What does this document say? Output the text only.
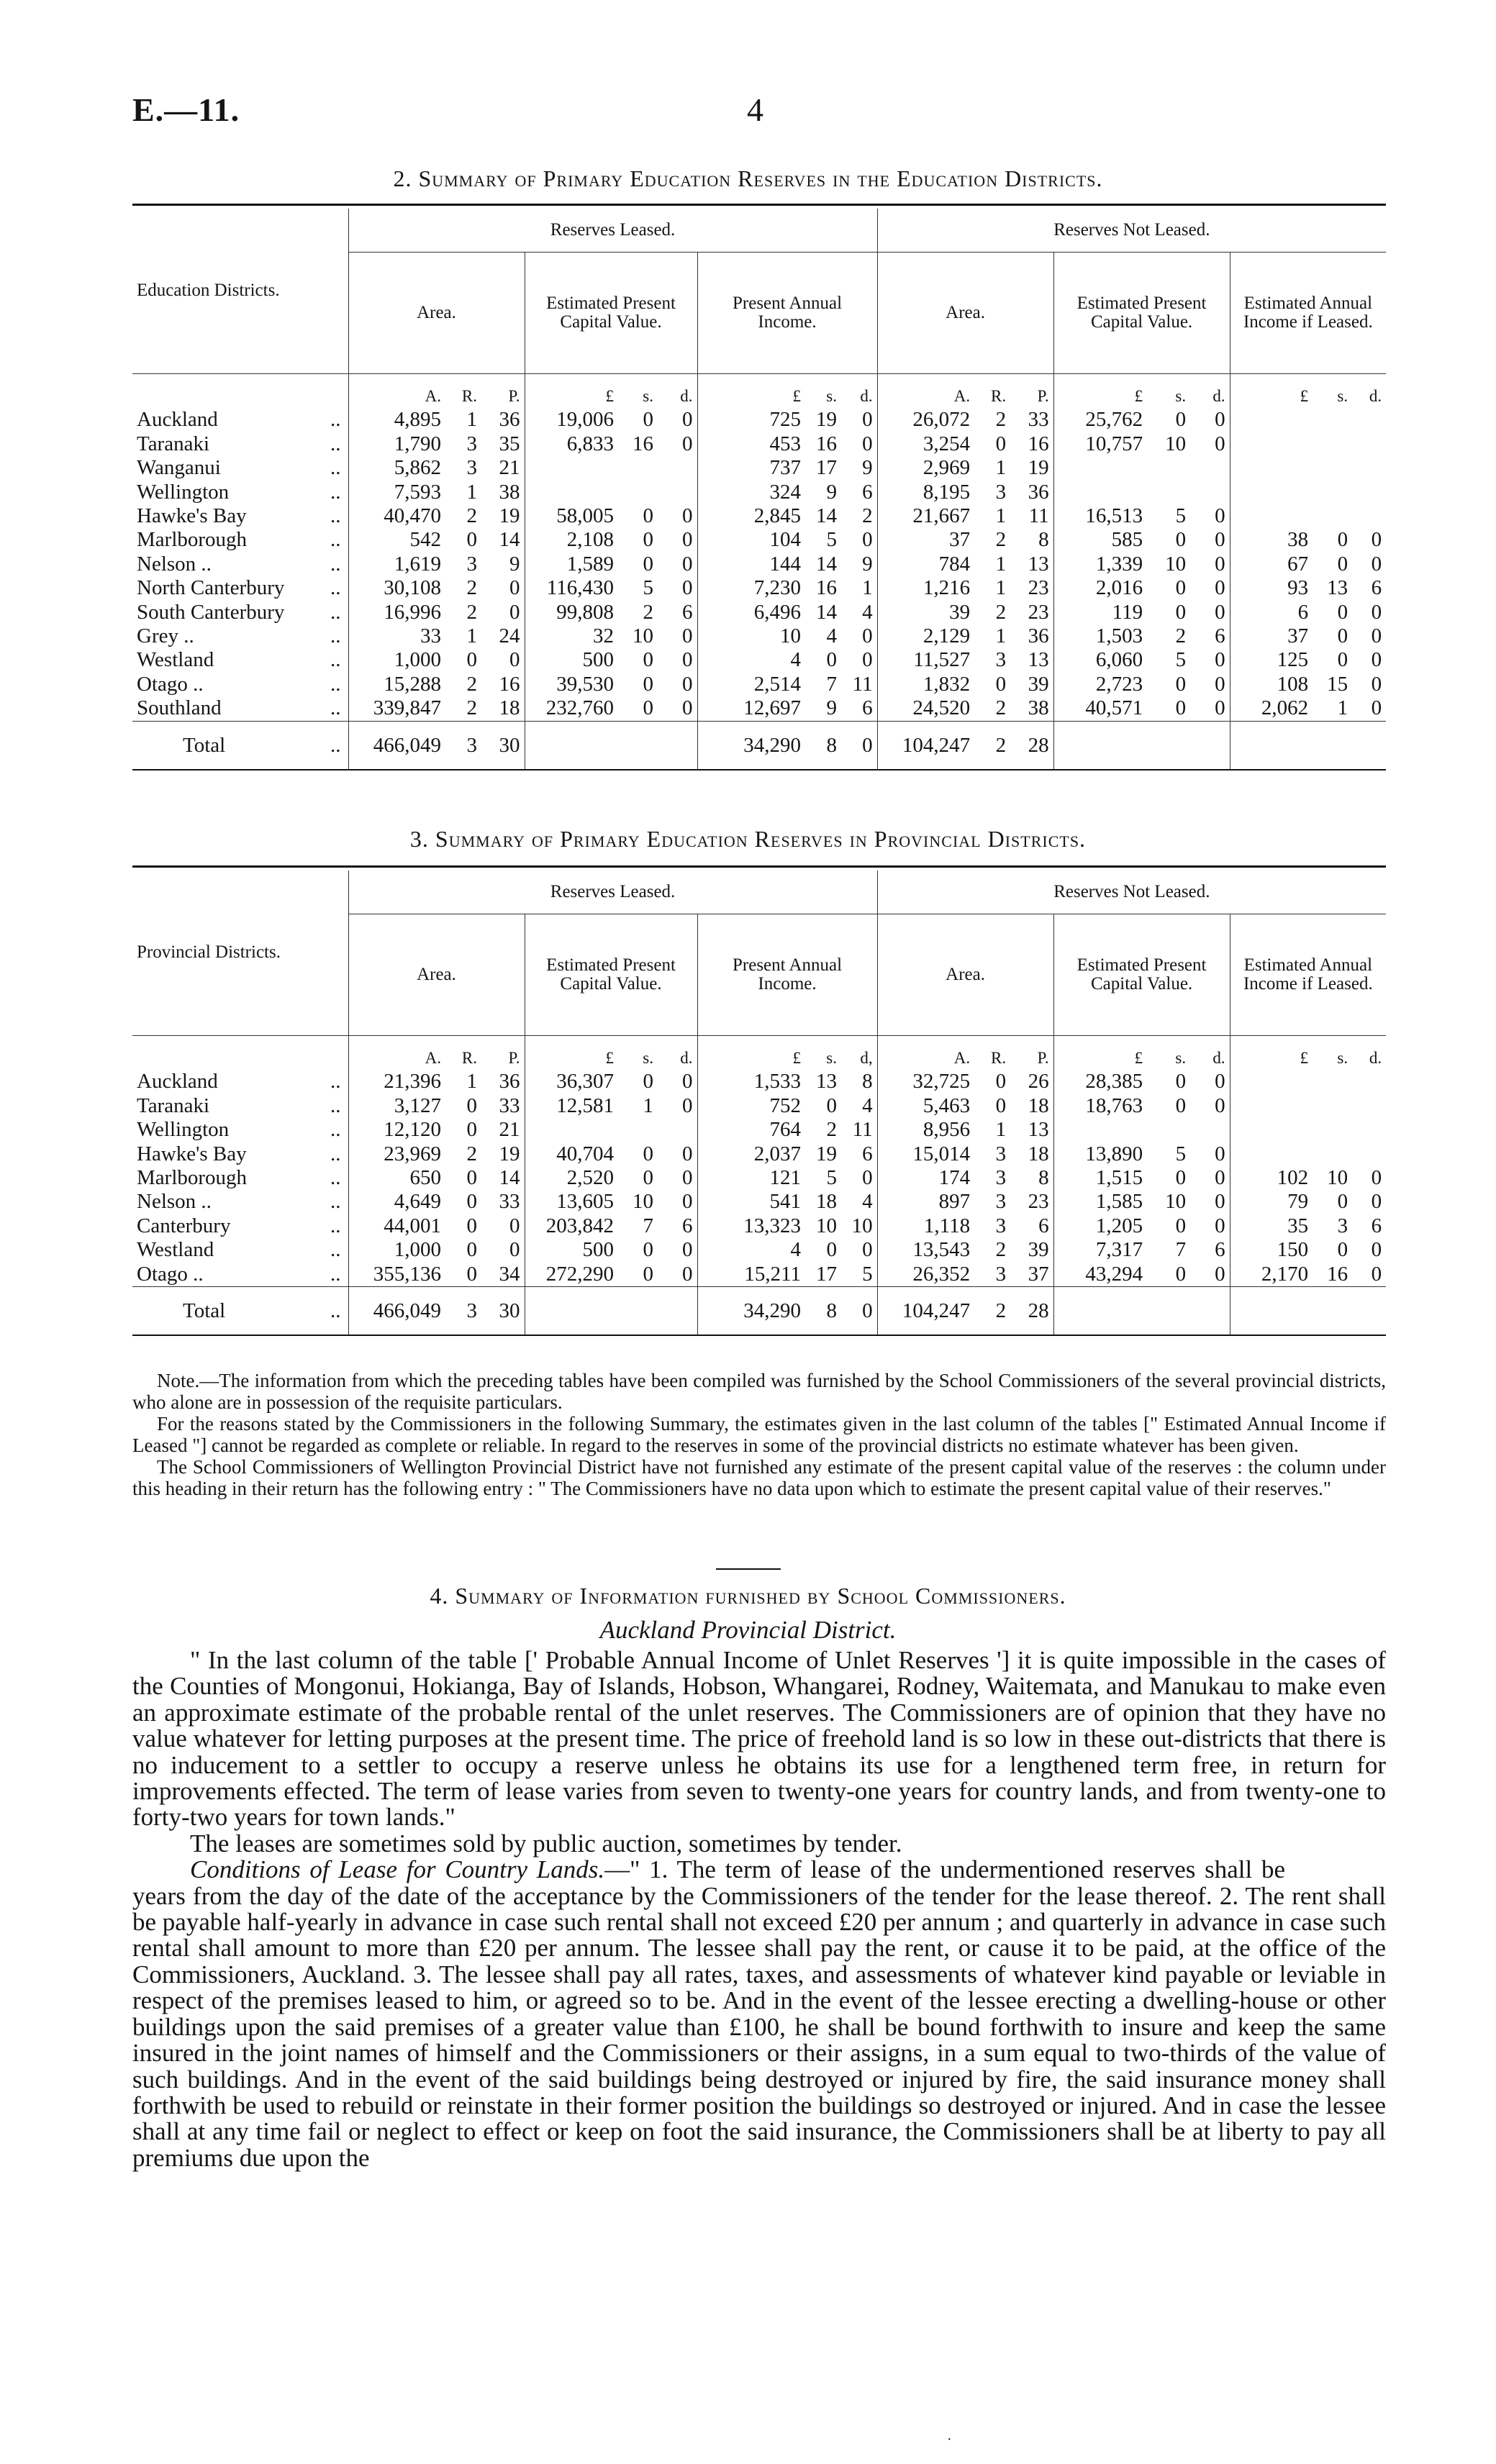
E.—11.	4
2. Summary of Primary Education Reserves in the Education Districts.
Education Districts.	Reserves Leased.									Reserves Not Leased.								
	Area.			Estimated Present Capital Value.			Present Annual Income.			Area.			Estimated Present Capital Value.			Estimated Annual Income if Leased.		
	A.	R.	P.	£	s.	d.	£	s.	d.	A.	R.	P.	£	s.	d.	£	s.	d.
Auckland ..	4,895	1	36	19,006	0	0	725	19	0	26,072	2	33	25,762	0	0			
Taranaki ..	1,790	3	35	6,833	16	0	453	16	0	3,254	0	16	10,757	10	0			
Wanganui ..	5,862	3	21				737	17	9	2,969	1	19						
Wellington ..	7,593	1	38				324	9	6	8,195	3	36						
Hawke's Bay ..	40,470	2	19	58,005	0	0	2,845	14	2	21,667	1	11	16,513	5	0			
Marlborough ..	542	0	14	2,108	0	0	104	5	0	37	2	8	585	0	0	38	0	0
Nelson .. ..	1,619	3	9	1,589	0	0	144	14	9	784	1	13	1,339	10	0	67	0	0
North Canterbury ..	30,108	2	0	116,430	5	0	7,230	16	1	1,216	1	23	2,016	0	0	93	13	6
South Canterbury ..	16,996	2	0	99,808	2	6	6,496	14	4	39	2	23	119	0	0	6	0	0
Grey .. ..	33	1	24	32	10	0	10	4	0	2,129	1	36	1,503	2	6	37	0	0
Westland ..	1,000	0	0	500	0	0	4	0	0	11,527	3	13	6,060	5	0	125	0	0
Otago .. ..	15,288	2	16	39,530	0	0	2,514	7	11	1,832	0	39	2,723	0	0	108	15	0
Southland ..	339,847	2	18	232,760	0	0	12,697	9	6	24,520	2	38	40,571	0	0	2,062	1	0
Total ..	466,049	3	30				34,290	8	0	104,247	2	28						
3. Summary of Primary Education Reserves in Provincial Districts.
Provincial Districts.	Reserves Leased.									Reserves Not Leased.								
	Area.			Estimated Present Capital Value.			Present Annual Income.			Area.			Estimated Present Capital Value.			Estimated Annual Income if Leased.		
	A.	R.	P.	£	s.	d.	£	s.	d,	A.	R.	P.	£	s.	d.	£	s.	d.
Auckland ..	21,396	1	36	36,307	0	0	1,533	13	8	32,725	0	26	28,385	0	0			
Taranaki ..	3,127	0	33	12,581	1	0	752	0	4	5,463	0	18	18,763	0	0			
Wellington ..	12,120	0	21				764	2	11	8,956	1	13						
Hawke's Bay ..	23,969	2	19	40,704	0	0	2,037	19	6	15,014	3	18	13,890	5	0			
Marlborough ..	650	0	14	2,520	0	0	121	5	0	174	3	8	1,515	0	0	102	10	0
Nelson .. ..	4,649	0	33	13,605	10	0	541	18	4	897	3	23	1,585	10	0	79	0	0
Canterbury ..	44,001	0	0	203,842	7	6	13,323	10	10	1,118	3	6	1,205	0	0	35	3	6
Westland ..	1,000	0	0	500	0	0	4	0	0	13,543	2	39	7,317	7	6	150	0	0
Otago .. ..	355,136	0	34	272,290	0	0	15,211	17	5	26,352	3	37	43,294	0	0	2,170	16	0
Total ..	466,049	3	30				34,290	8	0	104,247	2	28						

Note.—The information from which the preceding tables have been compiled was furnished by the School Commissioners of the several provincial districts, who alone are in possession of the requisite particulars.

For the reasons stated by the Commissioners in the following Summary, the estimates given in the last column of the tables [" Estimated Annual Income if Leased "] cannot be regarded as complete or reliable. In regard to the reserves in some of the provincial districts no estimate whatever has been given.

The School Commissioners of Wellington Provincial District have not furnished any estimate of the present capital value of the reserves : the column under this heading in their return has the following entry : " The Commissioners have no data upon which to estimate the present capital value of their reserves."

4. Summary of Information furnished by School Commissioners.
Auckland Provincial District.

" In the last column of the table [' Probable Annual Income of Unlet Reserves '] it is quite impossible in the cases of the Counties of Mongonui, Hokianga, Bay of Islands, Hobson, Whangarei, Rodney, Waitemata, and Manukau to make even an approximate estimate of the probable rental of the unlet reserves. The Commissioners are of opinion that they have no value whatever for letting purposes at the present time. The price of freehold land is so low in these out-districts that there is no inducement to a settler to occupy a reserve unless he obtains its use for a lengthened term free, in return for improvements effected. The term of lease varies from seven to twenty-one years for country lands, and from twenty-one to forty-two years for town lands."

The leases are sometimes sold by public auction, sometimes by tender.

Conditions of Lease for Country Lands.—" 1. The term of lease of the undermentioned reserves shall beyears from the day of the date of the acceptance by the Commissioners of the tender for the lease thereof. 2. The rent shall be payable half-yearly in advance in case such rental shall not exceed £20 per annum ; and quarterly in advance in case such rental shall amount to more than £20 per annum. The lessee shall pay the rent, or cause it to be paid, at the office of the Commissioners, Auckland. 3. The lessee shall pay all rates, taxes, and assessments of whatever kind payable or leviable in respect of the premises leased to him, or agreed so to be. And in the event of the lessee erecting a dwelling-house or other buildings upon the said premises of a greater value than £100, he shall be bound forthwith to insure and keep the same insured in the joint names of himself and the Commissioners or their assigns, in a sum equal to two-thirds of the value of such buildings. And in the event of the said buildings being destroyed or injured by fire, the said insurance money shall forthwith be used to rebuild or reinstate in their former position the buildings so destroyed or injured. And in case the lessee shall at any time fail or neglect to effect or keep on foot the said insurance, the Commissioners shall be at liberty to pay all premiums due upon the

·
